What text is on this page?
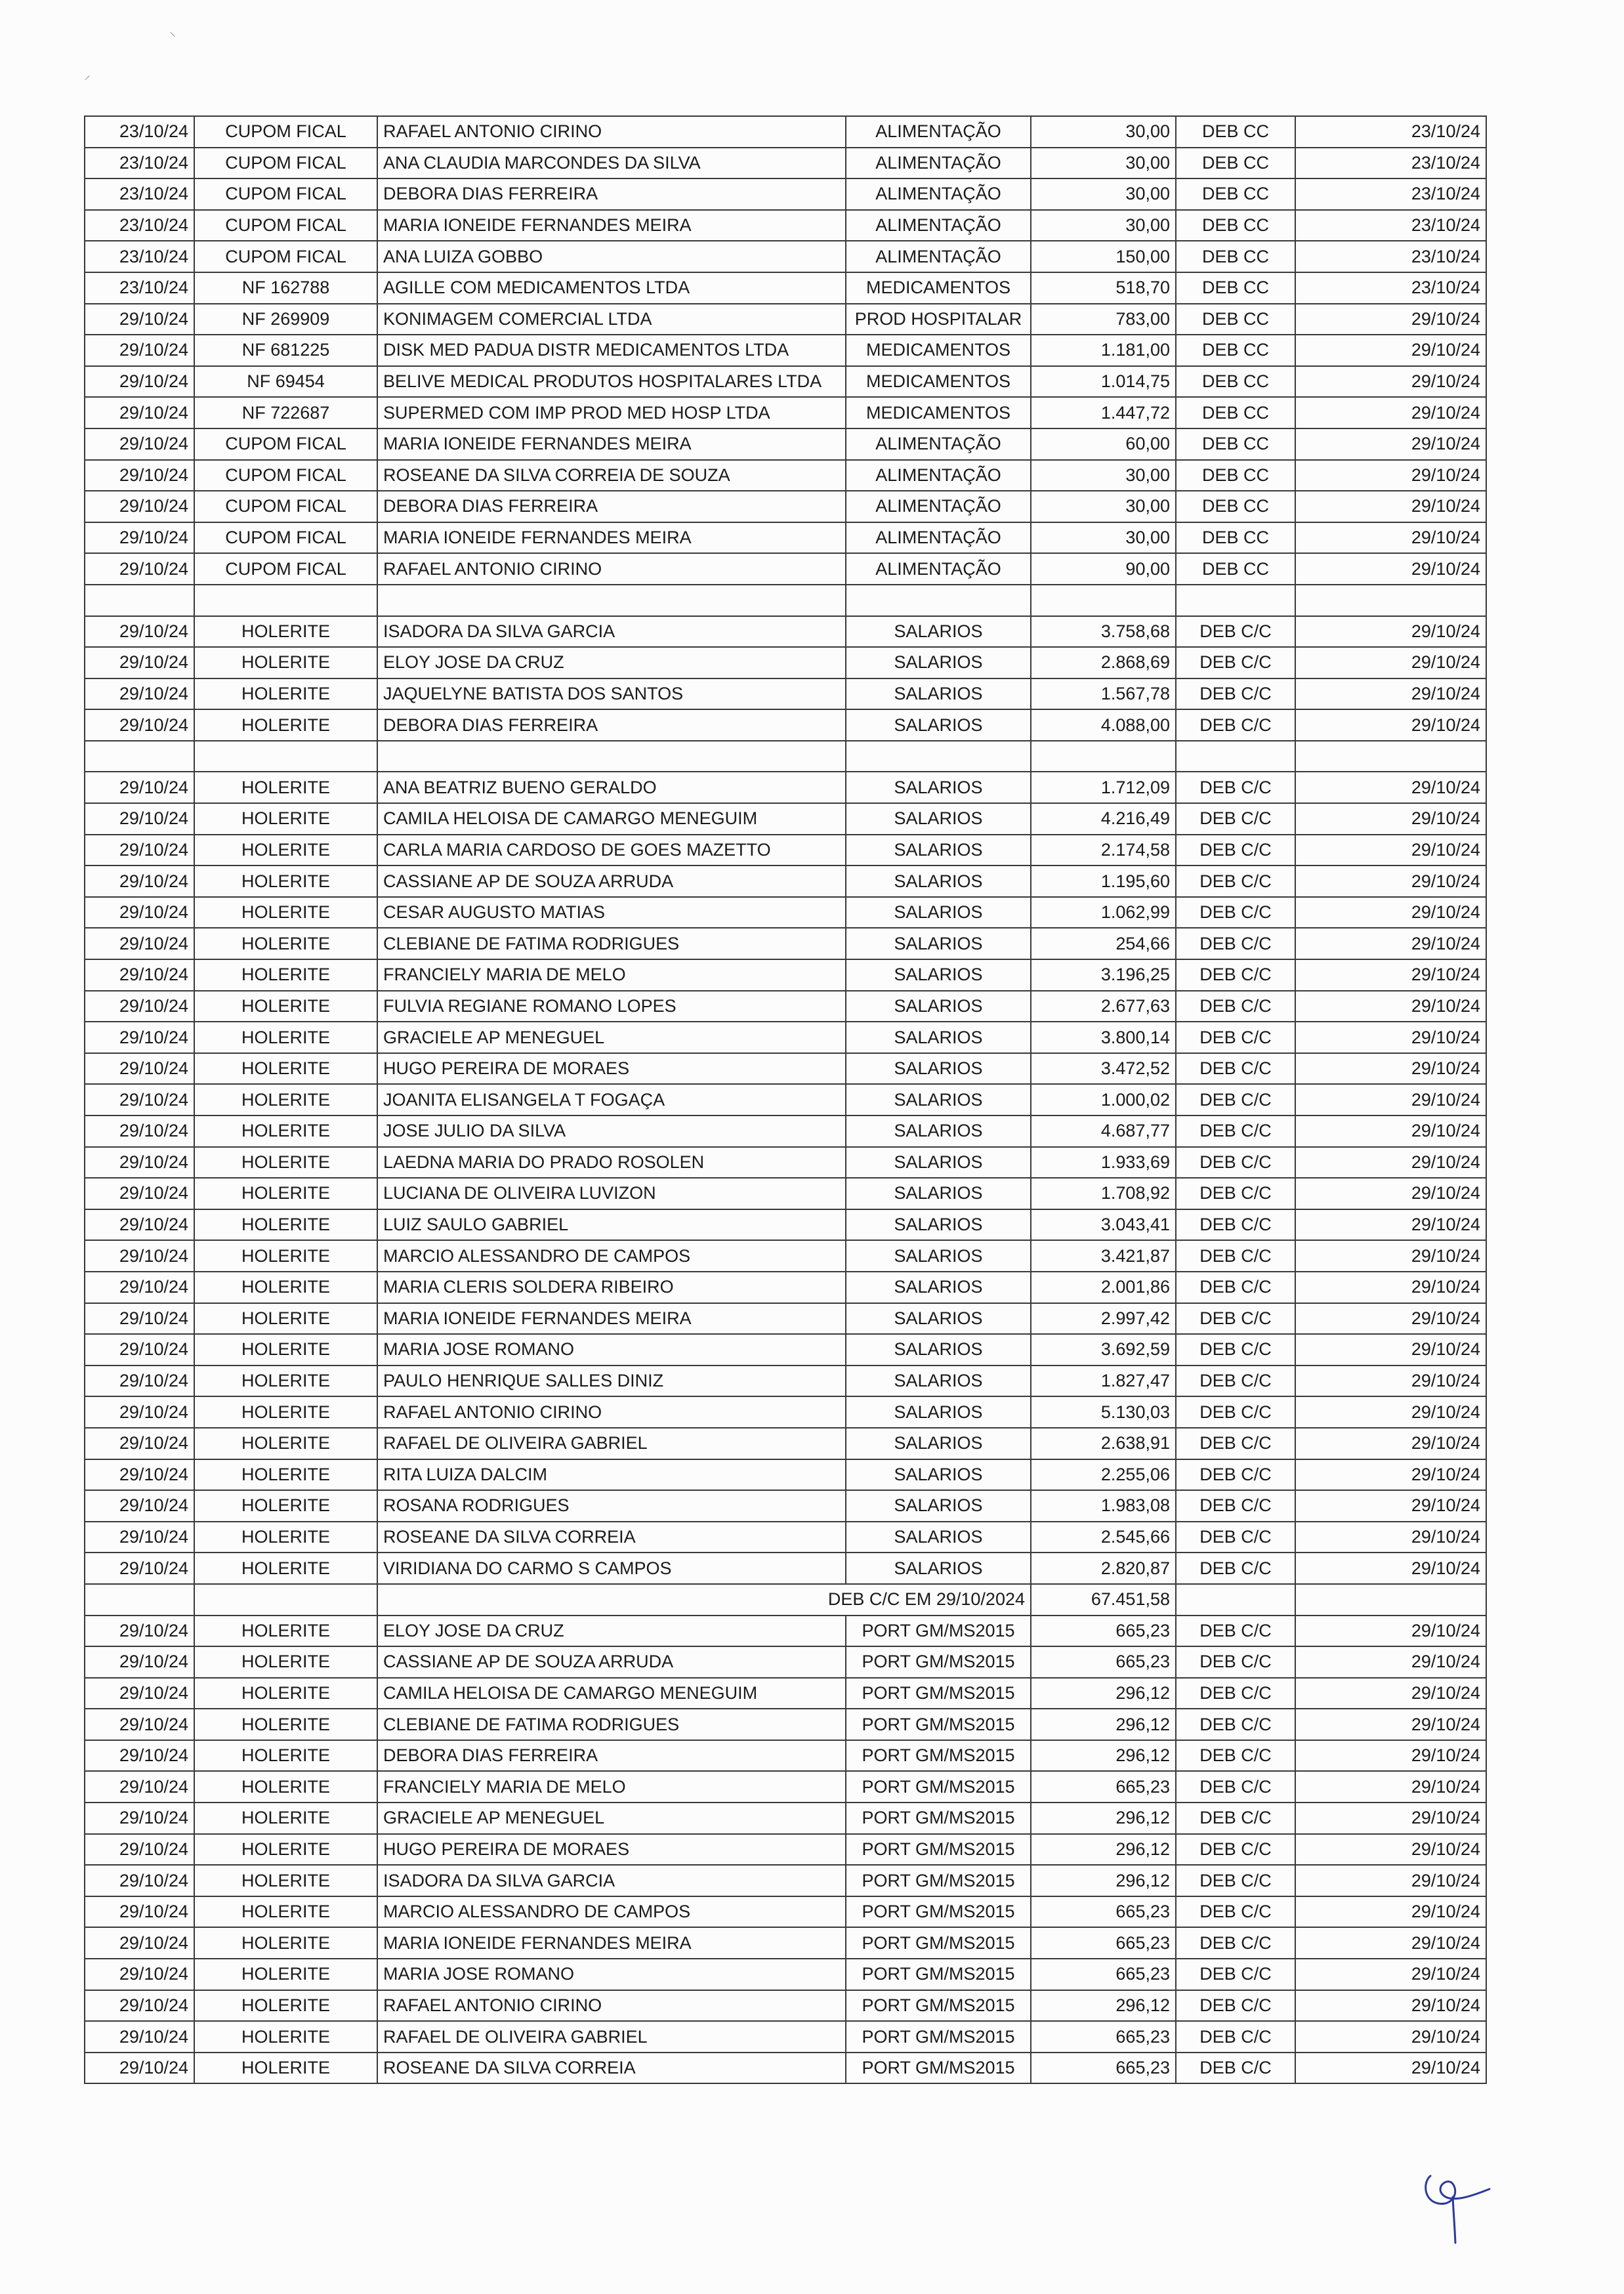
⸌
⸍
23/10/24	CUPOM FICAL	RAFAEL ANTONIO CIRINO	ALIMENTAÇÃO	30,00	DEB CC	23/10/24
23/10/24	CUPOM FICAL	ANA CLAUDIA MARCONDES DA SILVA	ALIMENTAÇÃO	30,00	DEB CC	23/10/24
23/10/24	CUPOM FICAL	DEBORA DIAS FERREIRA	ALIMENTAÇÃO	30,00	DEB CC	23/10/24
23/10/24	CUPOM FICAL	MARIA IONEIDE FERNANDES MEIRA	ALIMENTAÇÃO	30,00	DEB CC	23/10/24
23/10/24	CUPOM FICAL	ANA LUIZA GOBBO	ALIMENTAÇÃO	150,00	DEB CC	23/10/24
23/10/24	NF 162788	AGILLE COM MEDICAMENTOS LTDA	MEDICAMENTOS	518,70	DEB CC	23/10/24
29/10/24	NF 269909	KONIMAGEM COMERCIAL LTDA	PROD HOSPITALAR	783,00	DEB CC	29/10/24
29/10/24	NF 681225	DISK MED PADUA DISTR MEDICAMENTOS LTDA	MEDICAMENTOS	1.181,00	DEB CC	29/10/24
29/10/24	NF 69454	BELIVE MEDICAL PRODUTOS HOSPITALARES LTDA	MEDICAMENTOS	1.014,75	DEB CC	29/10/24
29/10/24	NF 722687	SUPERMED COM IMP PROD MED HOSP LTDA	MEDICAMENTOS	1.447,72	DEB CC	29/10/24
29/10/24	CUPOM FICAL	MARIA IONEIDE FERNANDES MEIRA	ALIMENTAÇÃO	60,00	DEB CC	29/10/24
29/10/24	CUPOM FICAL	ROSEANE DA SILVA CORREIA DE SOUZA	ALIMENTAÇÃO	30,00	DEB CC	29/10/24
29/10/24	CUPOM FICAL	DEBORA DIAS FERREIRA	ALIMENTAÇÃO	30,00	DEB CC	29/10/24
29/10/24	CUPOM FICAL	MARIA IONEIDE FERNANDES MEIRA	ALIMENTAÇÃO	30,00	DEB CC	29/10/24
29/10/24	CUPOM FICAL	RAFAEL ANTONIO CIRINO	ALIMENTAÇÃO	90,00	DEB CC	29/10/24

29/10/24	HOLERITE	ISADORA DA SILVA GARCIA	SALARIOS	3.758,68	DEB C/C	29/10/24
29/10/24	HOLERITE	ELOY JOSE DA CRUZ	SALARIOS	2.868,69	DEB C/C	29/10/24
29/10/24	HOLERITE	JAQUELYNE BATISTA DOS SANTOS	SALARIOS	1.567,78	DEB C/C	29/10/24
29/10/24	HOLERITE	DEBORA DIAS FERREIRA	SALARIOS	4.088,00	DEB C/C	29/10/24

29/10/24	HOLERITE	ANA BEATRIZ BUENO GERALDO	SALARIOS	1.712,09	DEB C/C	29/10/24
29/10/24	HOLERITE	CAMILA HELOISA DE CAMARGO MENEGUIM	SALARIOS	4.216,49	DEB C/C	29/10/24
29/10/24	HOLERITE	CARLA MARIA CARDOSO DE GOES MAZETTO	SALARIOS	2.174,58	DEB C/C	29/10/24
29/10/24	HOLERITE	CASSIANE AP DE SOUZA ARRUDA	SALARIOS	1.195,60	DEB C/C	29/10/24
29/10/24	HOLERITE	CESAR AUGUSTO MATIAS	SALARIOS	1.062,99	DEB C/C	29/10/24
29/10/24	HOLERITE	CLEBIANE DE FATIMA RODRIGUES	SALARIOS	254,66	DEB C/C	29/10/24
29/10/24	HOLERITE	FRANCIELY MARIA DE MELO	SALARIOS	3.196,25	DEB C/C	29/10/24
29/10/24	HOLERITE	FULVIA REGIANE ROMANO LOPES	SALARIOS	2.677,63	DEB C/C	29/10/24
29/10/24	HOLERITE	GRACIELE AP MENEGUEL	SALARIOS	3.800,14	DEB C/C	29/10/24
29/10/24	HOLERITE	HUGO PEREIRA DE MORAES	SALARIOS	3.472,52	DEB C/C	29/10/24
29/10/24	HOLERITE	JOANITA ELISANGELA T FOGAÇA	SALARIOS	1.000,02	DEB C/C	29/10/24
29/10/24	HOLERITE	JOSE JULIO DA SILVA	SALARIOS	4.687,77	DEB C/C	29/10/24
29/10/24	HOLERITE	LAEDNA MARIA DO PRADO ROSOLEN	SALARIOS	1.933,69	DEB C/C	29/10/24
29/10/24	HOLERITE	LUCIANA DE OLIVEIRA LUVIZON	SALARIOS	1.708,92	DEB C/C	29/10/24
29/10/24	HOLERITE	LUIZ SAULO GABRIEL	SALARIOS	3.043,41	DEB C/C	29/10/24
29/10/24	HOLERITE	MARCIO ALESSANDRO DE CAMPOS	SALARIOS	3.421,87	DEB C/C	29/10/24
29/10/24	HOLERITE	MARIA CLERIS SOLDERA RIBEIRO	SALARIOS	2.001,86	DEB C/C	29/10/24
29/10/24	HOLERITE	MARIA IONEIDE FERNANDES MEIRA	SALARIOS	2.997,42	DEB C/C	29/10/24
29/10/24	HOLERITE	MARIA JOSE ROMANO	SALARIOS	3.692,59	DEB C/C	29/10/24
29/10/24	HOLERITE	PAULO HENRIQUE SALLES DINIZ	SALARIOS	1.827,47	DEB C/C	29/10/24
29/10/24	HOLERITE	RAFAEL ANTONIO CIRINO	SALARIOS	5.130,03	DEB C/C	29/10/24
29/10/24	HOLERITE	RAFAEL DE OLIVEIRA GABRIEL	SALARIOS	2.638,91	DEB C/C	29/10/24
29/10/24	HOLERITE	RITA LUIZA DALCIM	SALARIOS	2.255,06	DEB C/C	29/10/24
29/10/24	HOLERITE	ROSANA RODRIGUES	SALARIOS	1.983,08	DEB C/C	29/10/24
29/10/24	HOLERITE	ROSEANE DA SILVA CORREIA	SALARIOS	2.545,66	DEB C/C	29/10/24
29/10/24	HOLERITE	VIRIDIANA DO CARMO S CAMPOS	SALARIOS	2.820,87	DEB C/C	29/10/24
		DEB C/C EM 29/10/2024		67.451,58		
29/10/24	HOLERITE	ELOY JOSE DA CRUZ	PORT GM/MS2015	665,23	DEB C/C	29/10/24
29/10/24	HOLERITE	CASSIANE AP DE SOUZA ARRUDA	PORT GM/MS2015	665,23	DEB C/C	29/10/24
29/10/24	HOLERITE	CAMILA HELOISA DE CAMARGO MENEGUIM	PORT GM/MS2015	296,12	DEB C/C	29/10/24
29/10/24	HOLERITE	CLEBIANE DE FATIMA RODRIGUES	PORT GM/MS2015	296,12	DEB C/C	29/10/24
29/10/24	HOLERITE	DEBORA DIAS FERREIRA	PORT GM/MS2015	296,12	DEB C/C	29/10/24
29/10/24	HOLERITE	FRANCIELY MARIA DE MELO	PORT GM/MS2015	665,23	DEB C/C	29/10/24
29/10/24	HOLERITE	GRACIELE AP MENEGUEL	PORT GM/MS2015	296,12	DEB C/C	29/10/24
29/10/24	HOLERITE	HUGO PEREIRA DE MORAES	PORT GM/MS2015	296,12	DEB C/C	29/10/24
29/10/24	HOLERITE	ISADORA DA SILVA GARCIA	PORT GM/MS2015	296,12	DEB C/C	29/10/24
29/10/24	HOLERITE	MARCIO ALESSANDRO DE CAMPOS	PORT GM/MS2015	665,23	DEB C/C	29/10/24
29/10/24	HOLERITE	MARIA IONEIDE FERNANDES MEIRA	PORT GM/MS2015	665,23	DEB C/C	29/10/24
29/10/24	HOLERITE	MARIA JOSE ROMANO	PORT GM/MS2015	665,23	DEB C/C	29/10/24
29/10/24	HOLERITE	RAFAEL ANTONIO CIRINO	PORT GM/MS2015	296,12	DEB C/C	29/10/24
29/10/24	HOLERITE	RAFAEL DE OLIVEIRA GABRIEL	PORT GM/MS2015	665,23	DEB C/C	29/10/24
29/10/24	HOLERITE	ROSEANE DA SILVA CORREIA	PORT GM/MS2015	665,23	DEB C/C	29/10/24
